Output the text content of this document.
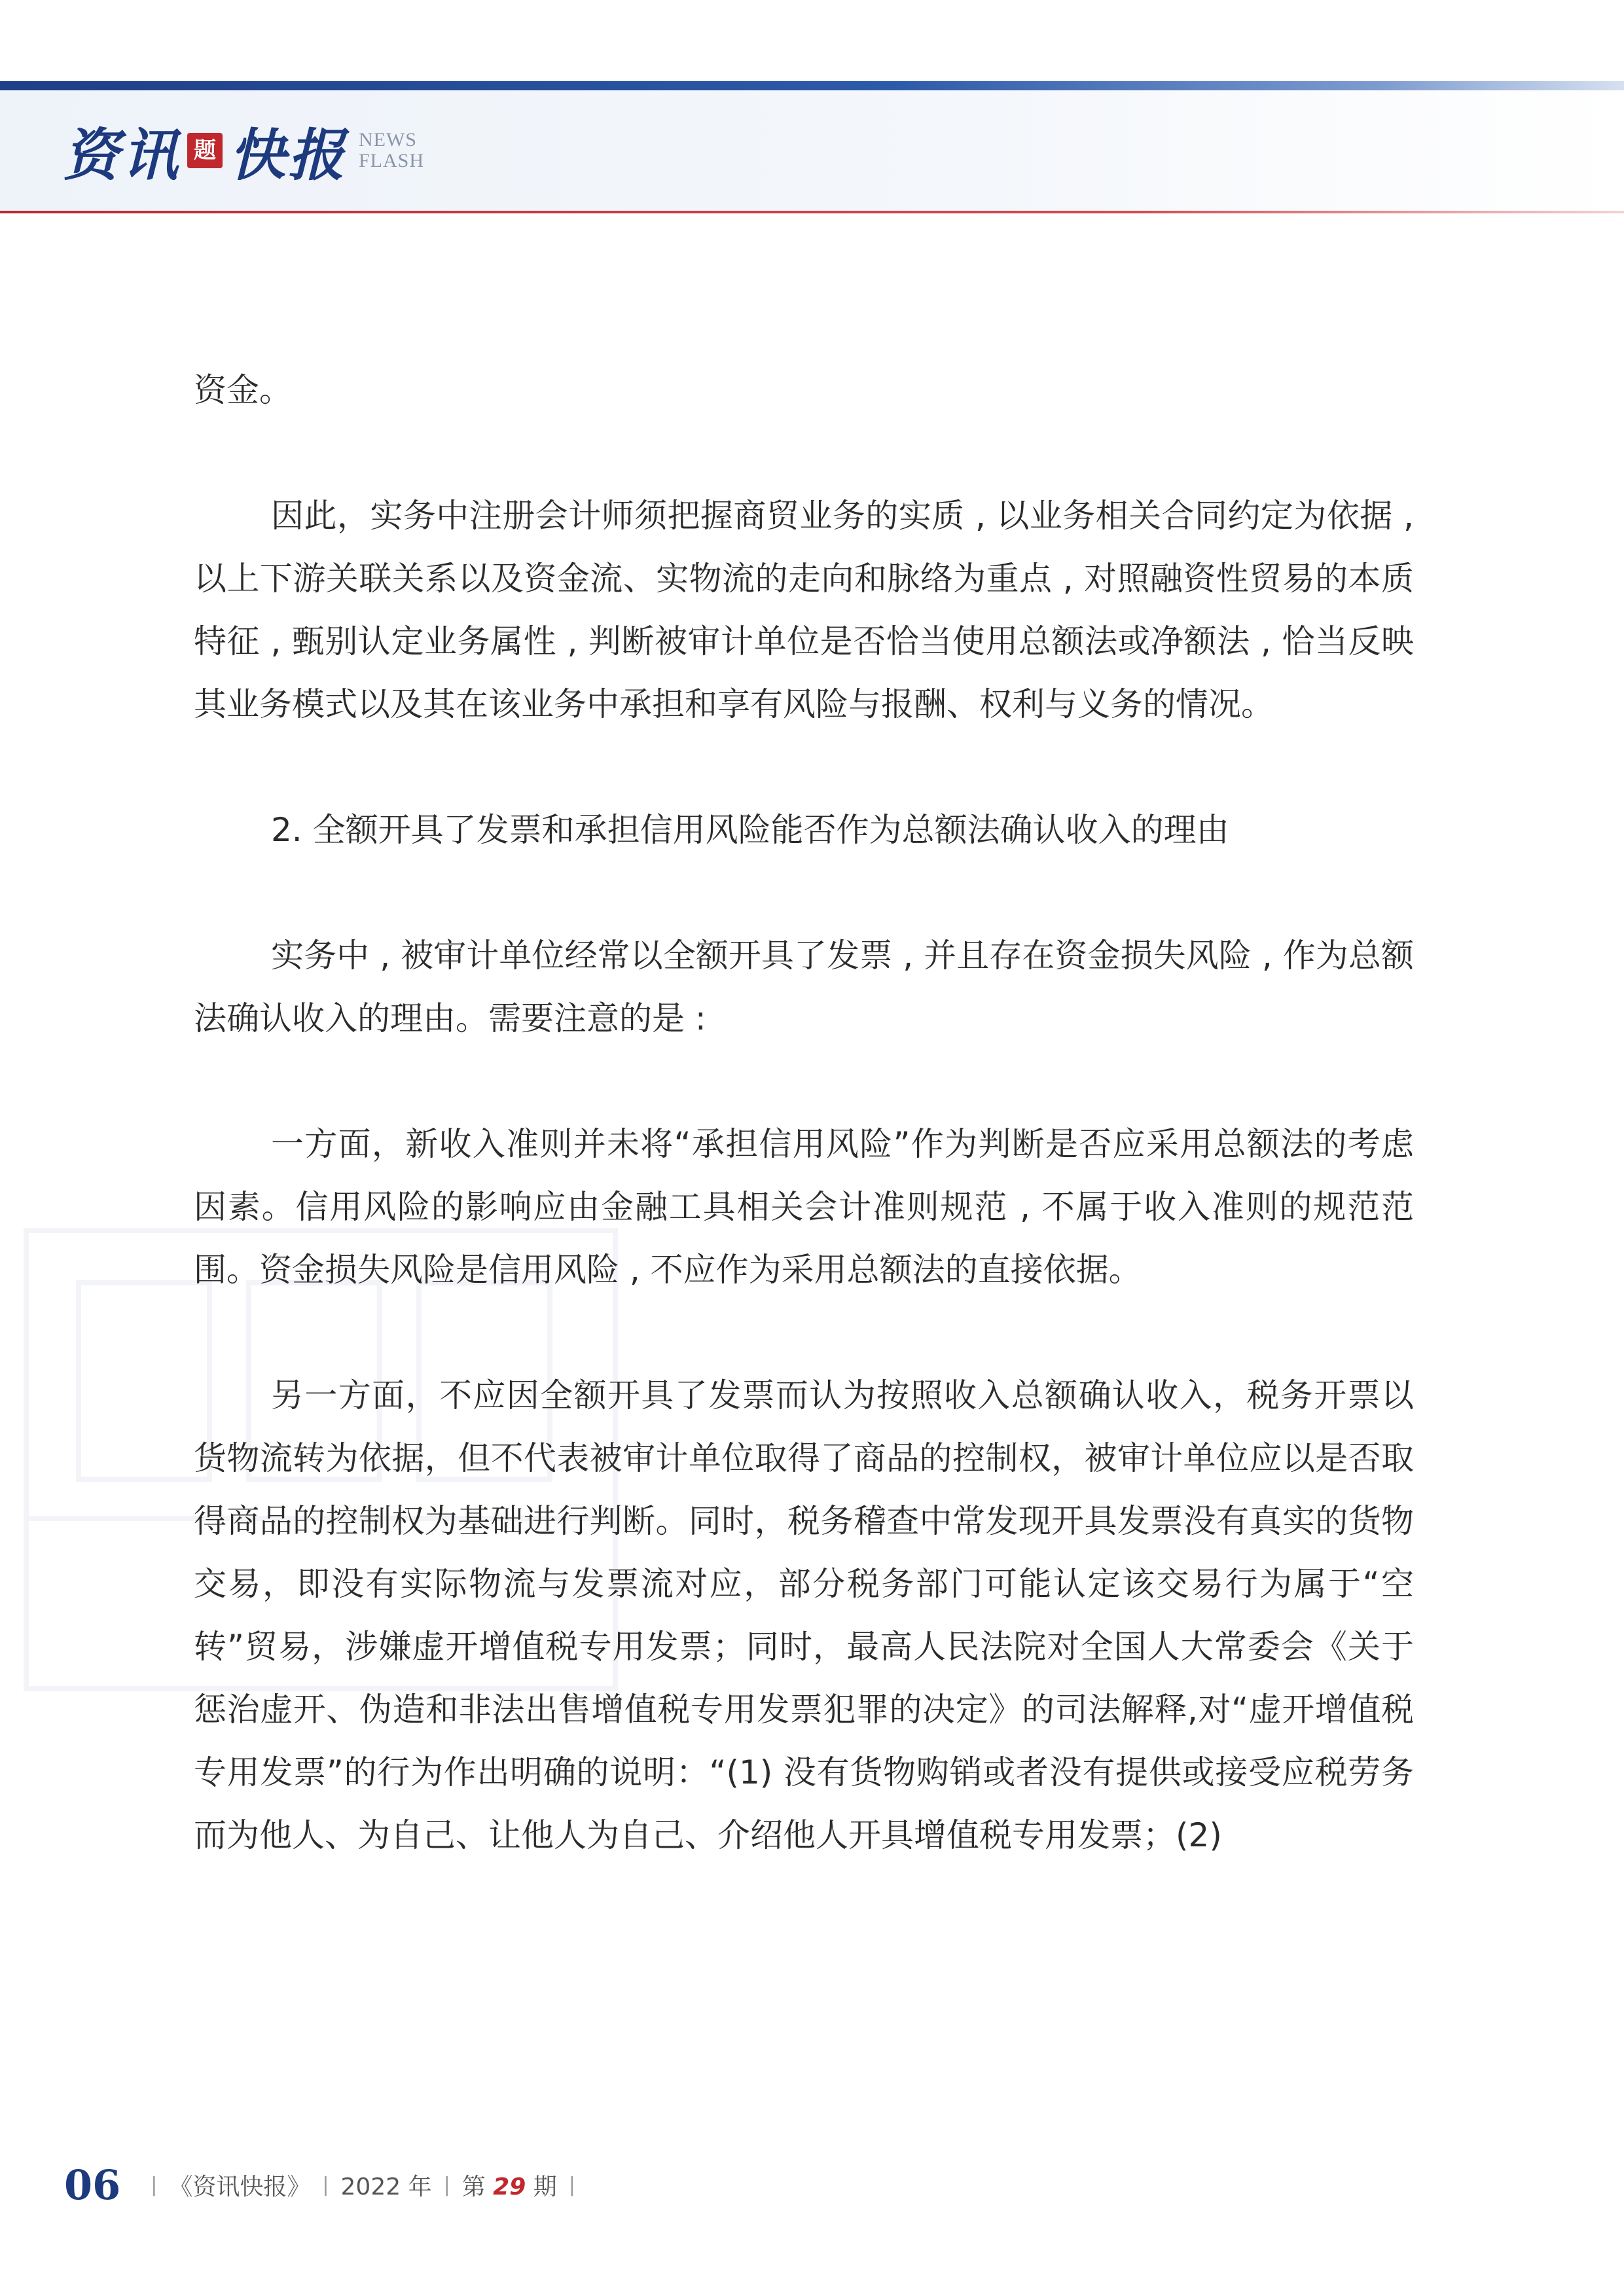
资讯 题 快报 NEWS
FLASH

资金。

因此，实务中注册会计师须把握商贸业务的实质 , 以业务相关合同约定为依据 , 以上下游关联关系以及资金流、实物流的走向和脉络为重点 , 对照融资性贸易的本质特征 , 甄别认定业务属性 , 判断被审计单位是否恰当使用总额法或净额法 , 恰当反映其业务模式以及其在该业务中承担和享有风险与报酬、权利与义务的情况。

2. 全额开具了发票和承担信用风险能否作为总额法确认收入的理由

实务中 , 被审计单位经常以全额开具了发票 , 并且存在资金损失风险 , 作为总额法确认收入的理由。需要注意的是 :

一方面，新收入准则并未将“承担信用风险”作为判断是否应采用总额法的考虑因素。信用风险的影响应由金融工具相关会计准则规范 , 不属于收入准则的规范范围。资金损失风险是信用风险 , 不应作为采用总额法的直接依据。

另一方面，不应因全额开具了发票而认为按照收入总额确认收入，税务开票以货物流转为依据，但不代表被审计单位取得了商品的控制权，被审计单位应以是否取得商品的控制权为基础进行判断。同时，税务稽查中常发现开具发票没有真实的货物交易，即没有实际物流与发票流对应，部分税务部门可能认定该交易行为属于“空转”贸易，涉嫌虚开增值税专用发票；同时，最高人民法院对全国人大常委会《关于惩治虚开、伪造和非法出售增值税专用发票犯罪的决定》的司法解释,对“虚开增值税专用发票”的行为作出明确的说明：“(1) 没有货物购销或者没有提供或接受应税劳务而为他人、为自己、让他人为自己、介绍他人开具增值税专用发票；(2)

06 | 《资讯快报》 | 2022 年 | 第 29 期 |
